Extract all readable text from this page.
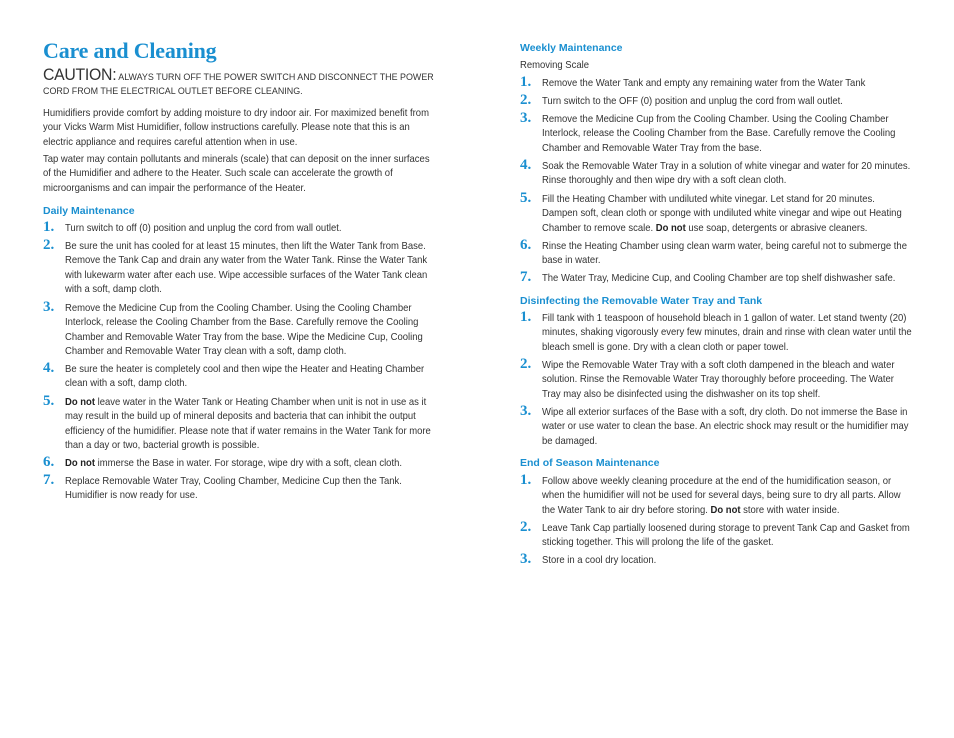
Care and Cleaning
CAUTION: ALWAYS TURN OFF THE POWER SWITCH AND DISCONNECT THE POWER CORD FROM THE ELECTRICAL OUTLET BEFORE CLEANING.
Humidifiers provide comfort by adding moisture to dry indoor air. For maximized benefit from your Vicks Warm Mist Humidifier, follow instructions carefully. Please note that this is an electric appliance and requires careful attention when in use.
Tap water may contain pollutants and minerals (scale) that can deposit on the inner surfaces of the Humidifier and adhere to the Heater. Such scale can accelerate the growth of microorganisms and can impair the performance of the Heater.
Daily Maintenance
1. Turn switch to off (0) position and unplug the cord from wall outlet.
2. Be sure the unit has cooled for at least 15 minutes, then lift the Water Tank from Base. Remove the Tank Cap and drain any water from the Water Tank. Rinse the Water Tank with lukewarm water after each use. Wipe accessible surfaces of the Water Tank clean with a soft, damp cloth.
3. Remove the Medicine Cup from the Cooling Chamber. Using the Cooling Chamber Interlock, release the Cooling Chamber from the Base. Carefully remove the Cooling Chamber and Removable Water Tray from the base. Wipe the Medicine Cup, Cooling Chamber and Removable Water Tray clean with a soft, damp cloth.
4. Be sure the heater is completely cool and then wipe the Heater and Heating Chamber clean with a soft, damp cloth.
5. Do not leave water in the Water Tank or Heating Chamber when unit is not in use as it may result in the build up of mineral deposits and bacteria that can inhibit the output efficiency of the humidifier. Please note that if water remains in the Water Tank for more than a day or two, bacterial growth is possible.
6. Do not immerse the Base in water. For storage, wipe dry with a soft, clean cloth.
7. Replace Removable Water Tray, Cooling Chamber, Medicine Cup then the Tank. Humidifier is now ready for use.
Weekly Maintenance
Removing Scale
1. Remove the Water Tank and empty any remaining water from the Water Tank
2. Turn switch to the OFF (0) position and unplug the cord from wall outlet.
3. Remove the Medicine Cup from the Cooling Chamber. Using the Cooling Chamber Interlock, release the Cooling Chamber from the Base. Carefully remove the Cooling Chamber and Removable Water Tray from the base.
4. Soak the Removable Water Tray in a solution of white vinegar and water for 20 minutes. Rinse thoroughly and then wipe dry with a soft clean cloth.
5. Fill the Heating Chamber with undiluted white vinegar. Let stand for 20 minutes. Dampen soft, clean cloth or sponge with undiluted white vinegar and wipe out Heating Chamber to remove scale. Do not use soap, detergents or abrasive cleaners.
6. Rinse the Heating Chamber using clean warm water, being careful not to submerge the base in water.
7. The Water Tray, Medicine Cup, and Cooling Chamber are top shelf dishwasher safe.
Disinfecting the Removable Water Tray and Tank
1. Fill tank with 1 teaspoon of household bleach in 1 gallon of water. Let stand twenty (20) minutes, shaking vigorously every few minutes, drain and rinse with clean water until the bleach smell is gone. Dry with a clean cloth or paper towel.
2. Wipe the Removable Water Tray with a soft cloth dampened in the bleach and water solution. Rinse the Removable Water Tray thoroughly before proceeding. The Water Tray may also be disinfected using the dishwasher on its top shelf.
3. Wipe all exterior surfaces of the Base with a soft, dry cloth. Do not immerse the Base in water or use water to clean the base. An electric shock may result or the humidifier may be damaged.
End of Season Maintenance
1. Follow above weekly cleaning procedure at the end of the humidification season, or when the humidifier will not be used for several days, being sure to dry all parts. Allow the Water Tank to air dry before storing. Do not store with water inside.
2. Leave Tank Cap partially loosened during storage to prevent Tank Cap and Gasket from sticking together. This will prolong the life of the gasket.
3. Store in a cool dry location.
